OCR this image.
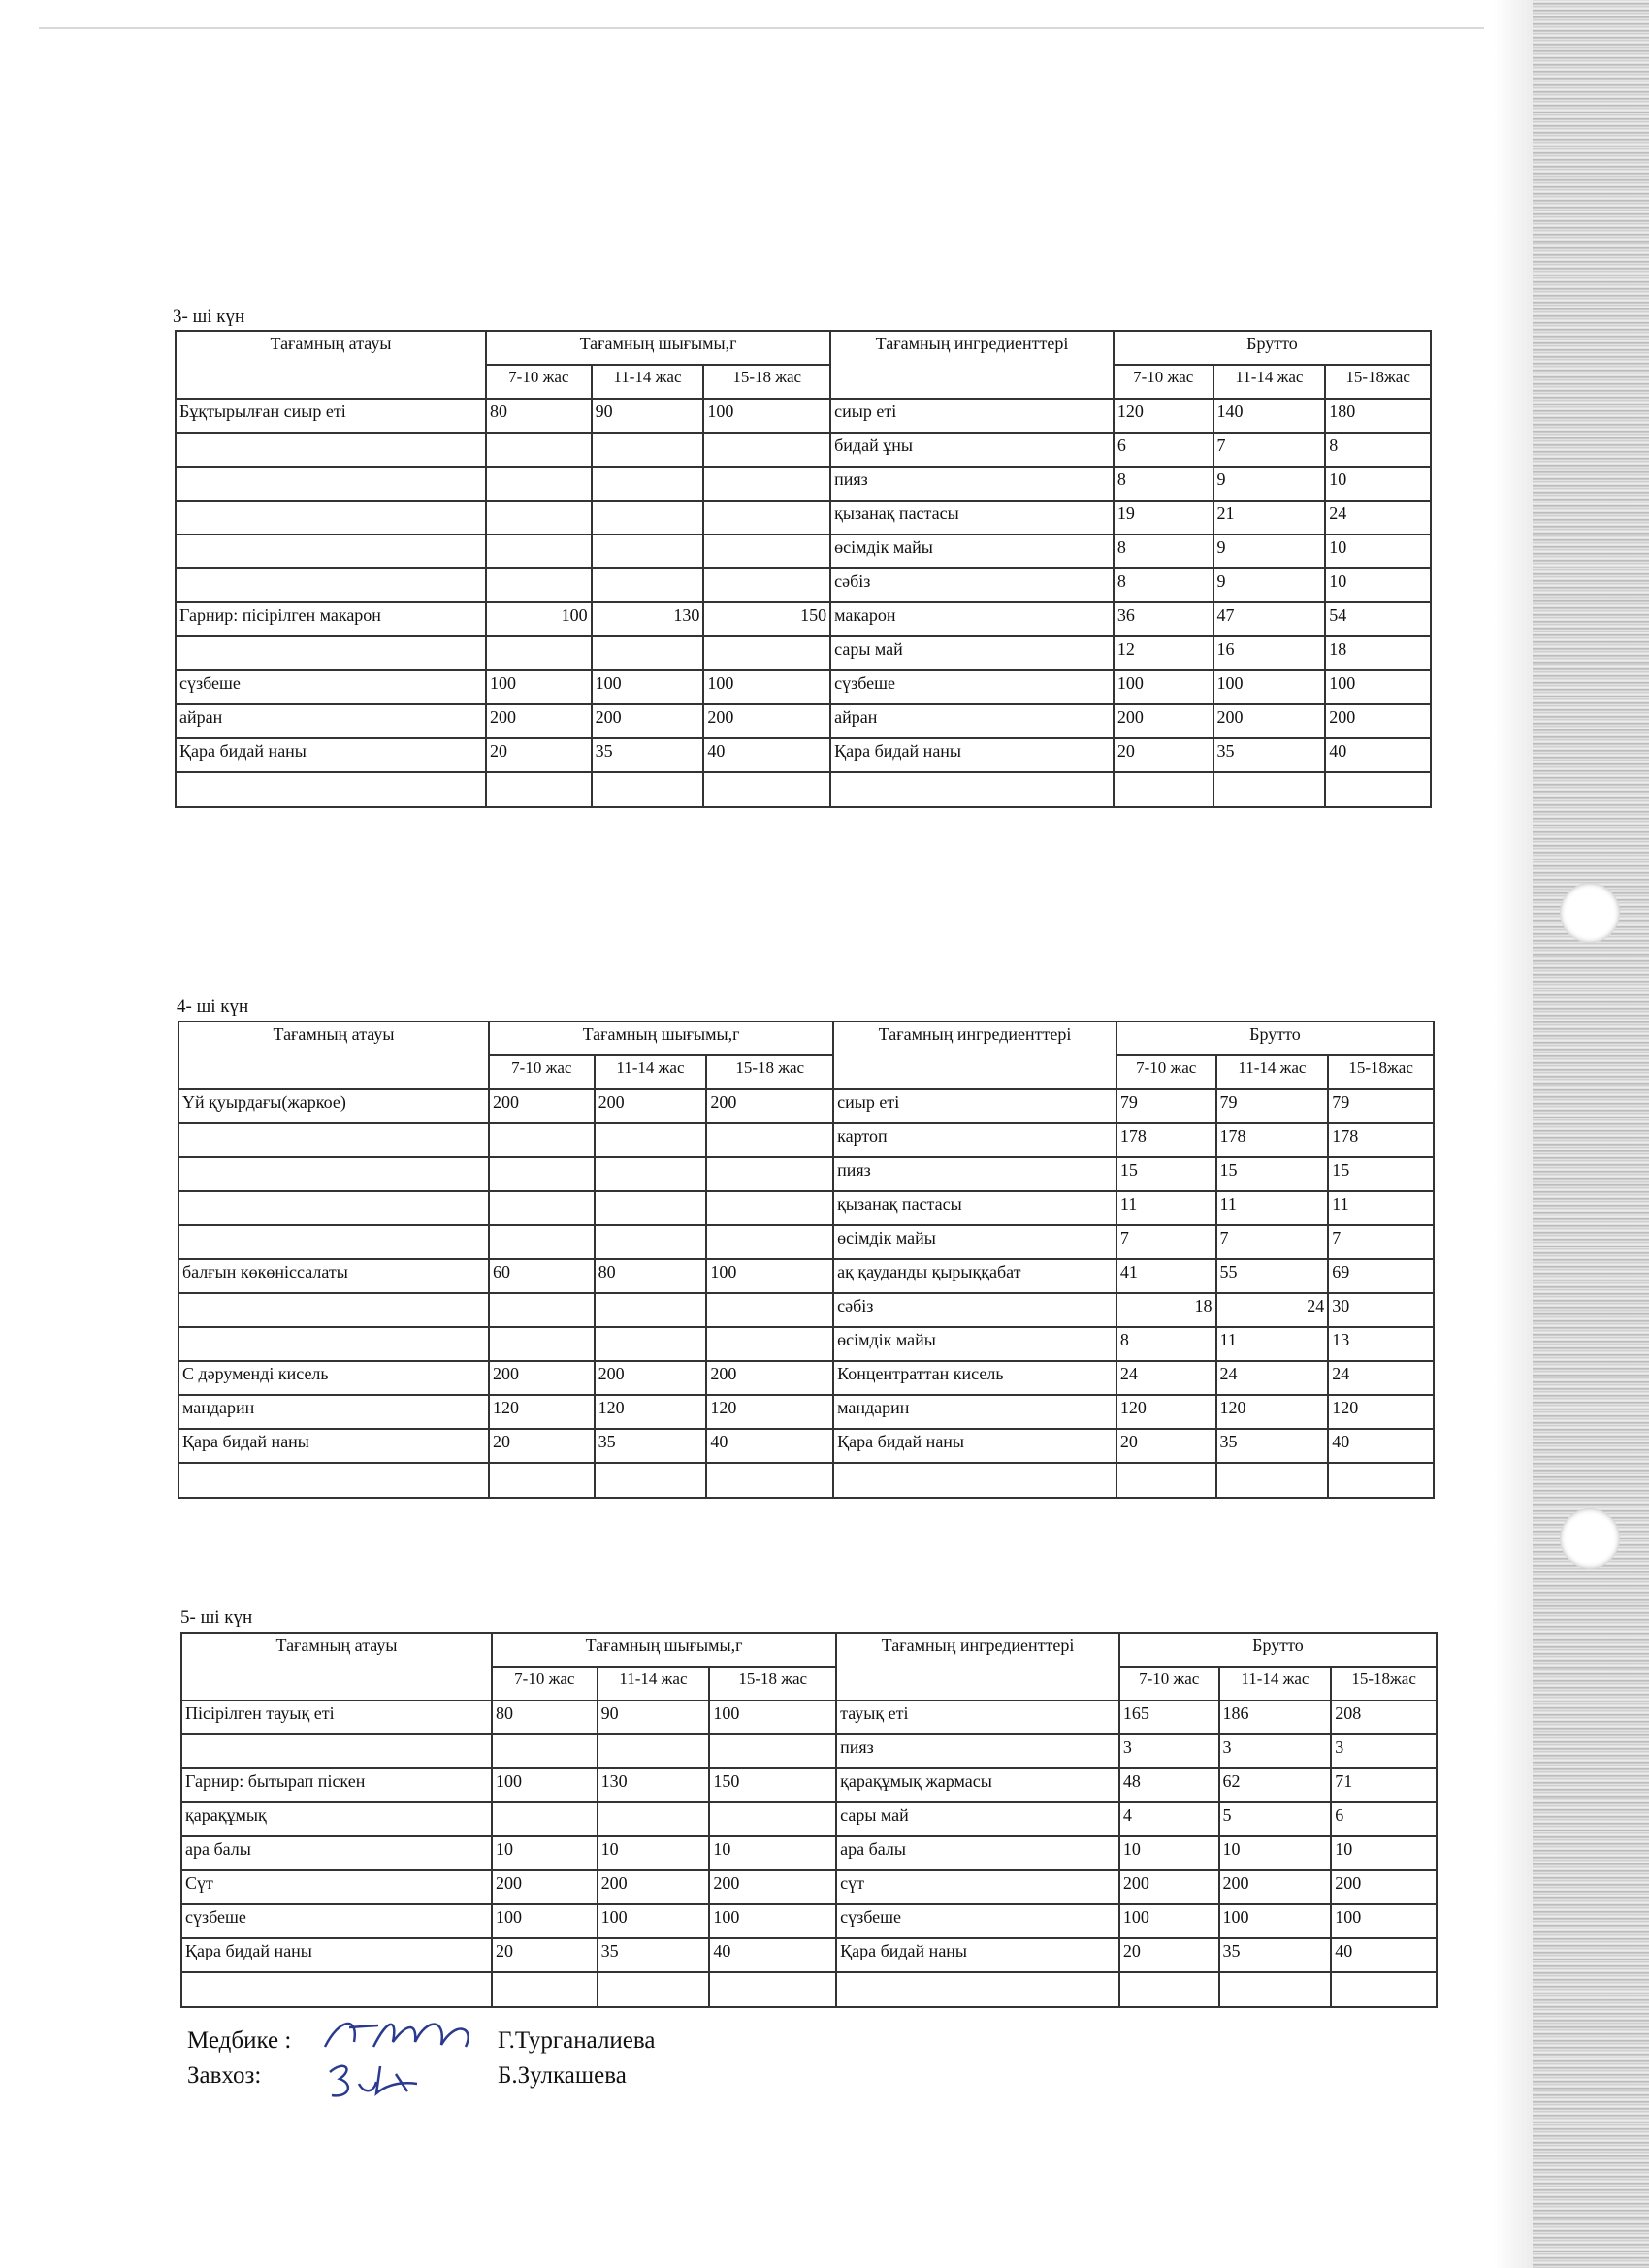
3- ші күн
Тағамның атауы	Тағамның шығымы,г			Тағамның ингредиенттері	Брутто		
	7-10 жас	11-14 жас	15-18 жас		7-10 жас	11-14 жас	15-18жас
Бұқтырылған сиыр еті	80	90	100	сиыр еті	120	140	180
				бидай ұны	6	7	8
				пияз	8	9	10
				қызанақ пастасы	19	21	24
				өсімдік майы	8	9	10
				сәбіз	8	9	10
Гарнир: пісірілген макарон	100	130	150	макарон	36	47	54
				сары май	12	16	18
сүзбеше	100	100	100	сүзбеше	100	100	100
айран	200	200	200	айран	200	200	200
Қара бидай наны	20	35	40	Қара бидай наны	20	35	40

4- ші күн
Тағамның атауы	Тағамның шығымы,г			Тағамның ингредиенттері	Брутто		
	7-10 жас	11-14 жас	15-18 жас		7-10 жас	11-14 жас	15-18жас
Үй қуырдағы(жаркое)	200	200	200	сиыр еті	79	79	79
				картоп	178	178	178
				пияз	15	15	15
				қызанақ пастасы	11	11	11
				өсімдік майы	7	7	7
балғын көкөніссалаты	60	80	100	ақ қауданды қырыққабат	41	55	69
				сәбіз	18	24	30
				өсімдік майы	8	11	13
С дәруменді кисель	200	200	200	Концентраттан кисель	24	24	24
мандарин	120	120	120	мандарин	120	120	120
Қара бидай наны	20	35	40	Қара бидай наны	20	35	40

5- ші күн
Тағамның атауы	Тағамның шығымы,г			Тағамның ингредиенттері	Брутто		
	7-10 жас	11-14 жас	15-18 жас		7-10 жас	11-14 жас	15-18жас
Пісірілген тауық еті	80	90	100	тауық еті	165	186	208
				пияз	3	3	3
Гарнир: бытырап піскен	100	130	150	қарақұмық жармасы	48	62	71
қарақұмық				сары май	4	5	6
ара балы	10	10	10	ара балы	10	10	10
Сүт	200	200	200	сүт	200	200	200
сүзбеше	100	100	100	сүзбеше	100	100	100
Қара бидай наны	20	35	40	Қара бидай наны	20	35	40

Медбике :	Г.Турганалиева
Завхоз:	Б.Зулкашева
